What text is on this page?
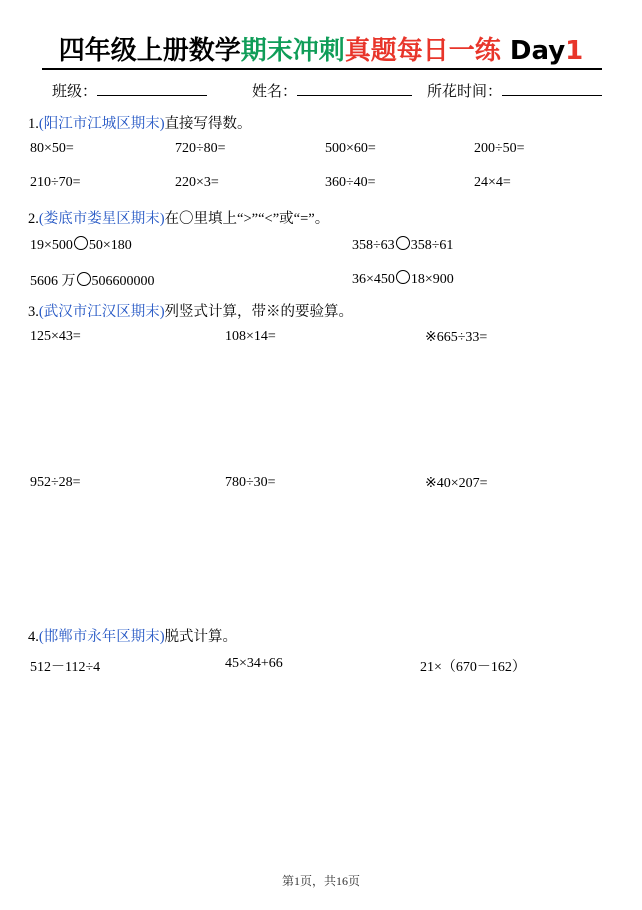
四年级上册数学期末冲刺真题每日一练 Day1
班级：	姓名：	所花时间：
1.(阳江市江城区期末)直接写得数。
80×50=	720÷80=	500×60=	200÷50=
210÷70=	220×3=	360÷40=	24×4=
2.(娄底市娄星区期末)在〇里填上“>”“<”或“=”。
19×500 50×180	358÷63 358÷61
5606 万 506600000	36×450 18×900
3.(武汉市江汉区期末)列竖式计算，带※的要验算。
125×43=	108×14=	※665÷33=
952÷28=	780÷30=	※40×207=
4.(邯郸市永年区期末)脱式计算。
512－112÷4	45×34+66	21×（670－162）
第1页，共16页
